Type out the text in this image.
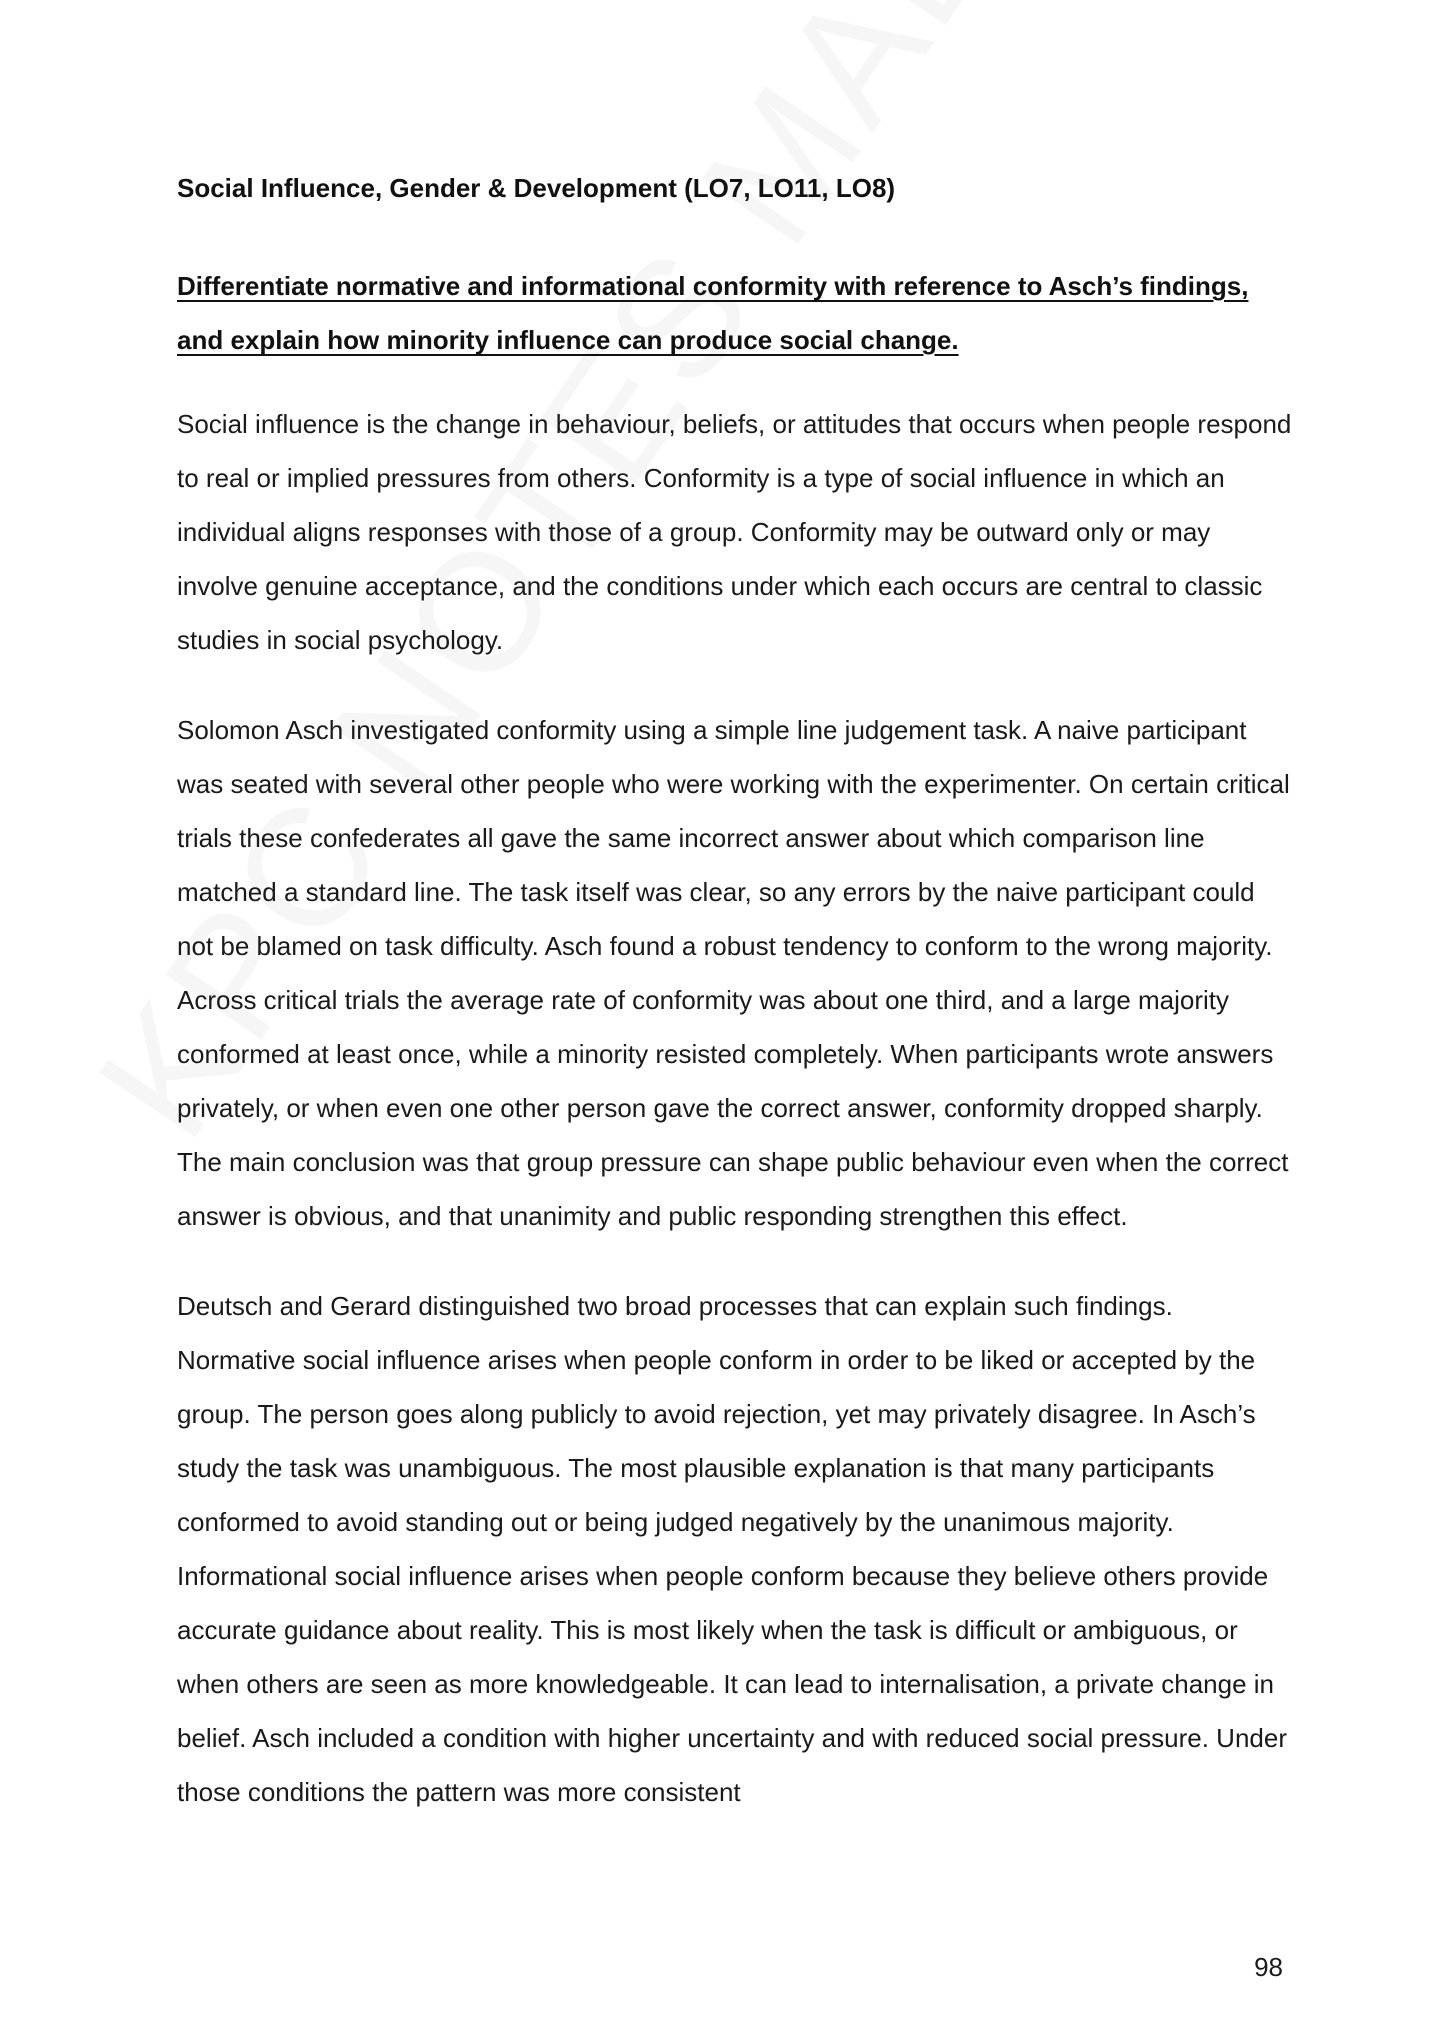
Social Influence, Gender & Development (LO7, LO11, LO8)
Differentiate normative and informational conformity with reference to Asch’s findings, and explain how minority influence can produce social change.

Social influence is the change in behaviour, beliefs, or attitudes that occurs when people respond to real or implied pressures from others. Conformity is a type of social influence in which an individual aligns responses with those of a group. Conformity may be outward only or may involve genuine acceptance, and the conditions under which each occurs are central to classic studies in social psychology.

Solomon Asch investigated conformity using a simple line judgement task. A naive participant was seated with several other people who were working with the experimenter. On certain critical trials these confederates all gave the same incorrect answer about which comparison line matched a standard line. The task itself was clear, so any errors by the naive participant could not be blamed on task difficulty. Asch found a robust tendency to conform to the wrong majority. Across critical trials the average rate of conformity was about one third, and a large majority conformed at least once, while a minority resisted completely. When participants wrote answers privately, or when even one other person gave the correct answer, conformity dropped sharply. The main conclusion was that group pressure can shape public behaviour even when the correct answer is obvious, and that unanimity and public responding strengthen this effect.

Deutsch and Gerard distinguished two broad processes that can explain such findings. Normative social influence arises when people conform in order to be liked or accepted by the group. The person goes along publicly to avoid rejection, yet may privately disagree. In Asch’s study the task was unambiguous. The most plausible explanation is that many participants conformed to avoid standing out or being judged negatively by the unanimous majority. Informational social influence arises when people conform because they believe others provide accurate guidance about reality. This is most likely when the task is difficult or ambiguous, or when others are seen as more knowledgeable. It can lead to internalisation, a private change in belief. Asch included a condition with higher uncertainty and with reduced social pressure. Under those conditions the pattern was more consistent

98
